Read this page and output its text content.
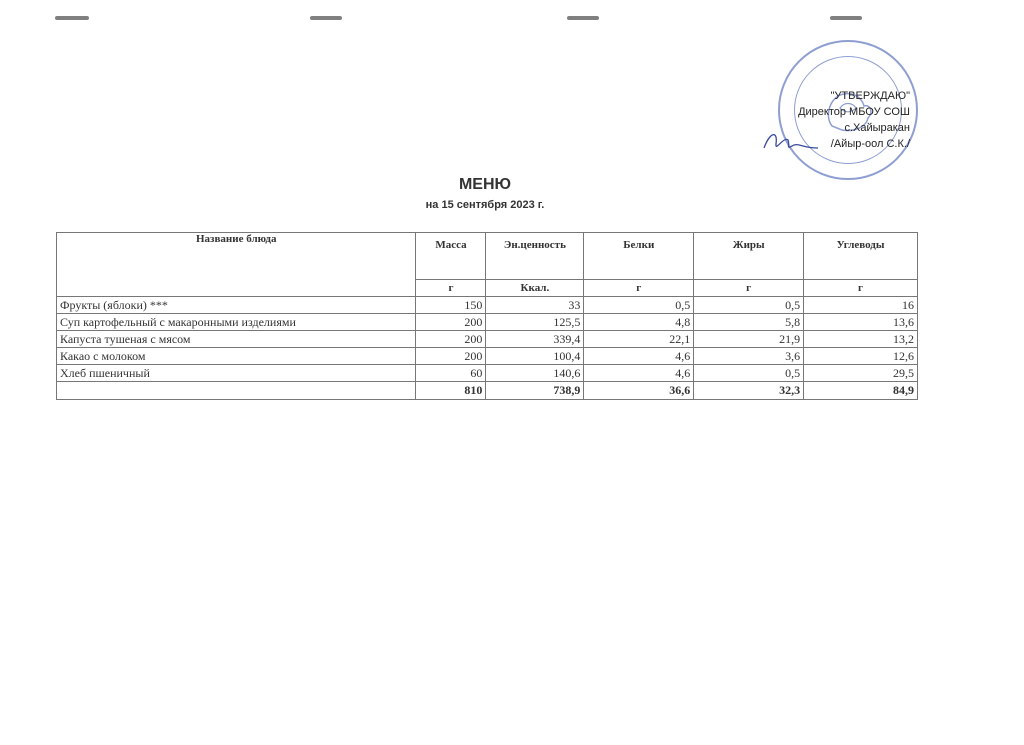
"УТВЕРЖДАЮ"
Директор МБОУ СОШ
с.Хайыракан
/Айыр-оол С.К./
МЕНЮ
на 15 сентября 2023 г.
Название блюда	Масса	Эн.ценность	Белки	Жиры	Углеводы
	г	Ккал.	г	г	г
Фрукты (яблоки) ***	150	33	0,5	0,5	16
Суп картофельный с макаронными изделиями	200	125,5	4,8	5,8	13,6
Капуста тушеная с мясом	200	339,4	22,1	21,9	13,2
Какао с молоком	200	100,4	4,6	3,6	12,6
Хлеб пшеничный	60	140,6	4,6	0,5	29,5
	810	738,9	36,6	32,3	84,9
